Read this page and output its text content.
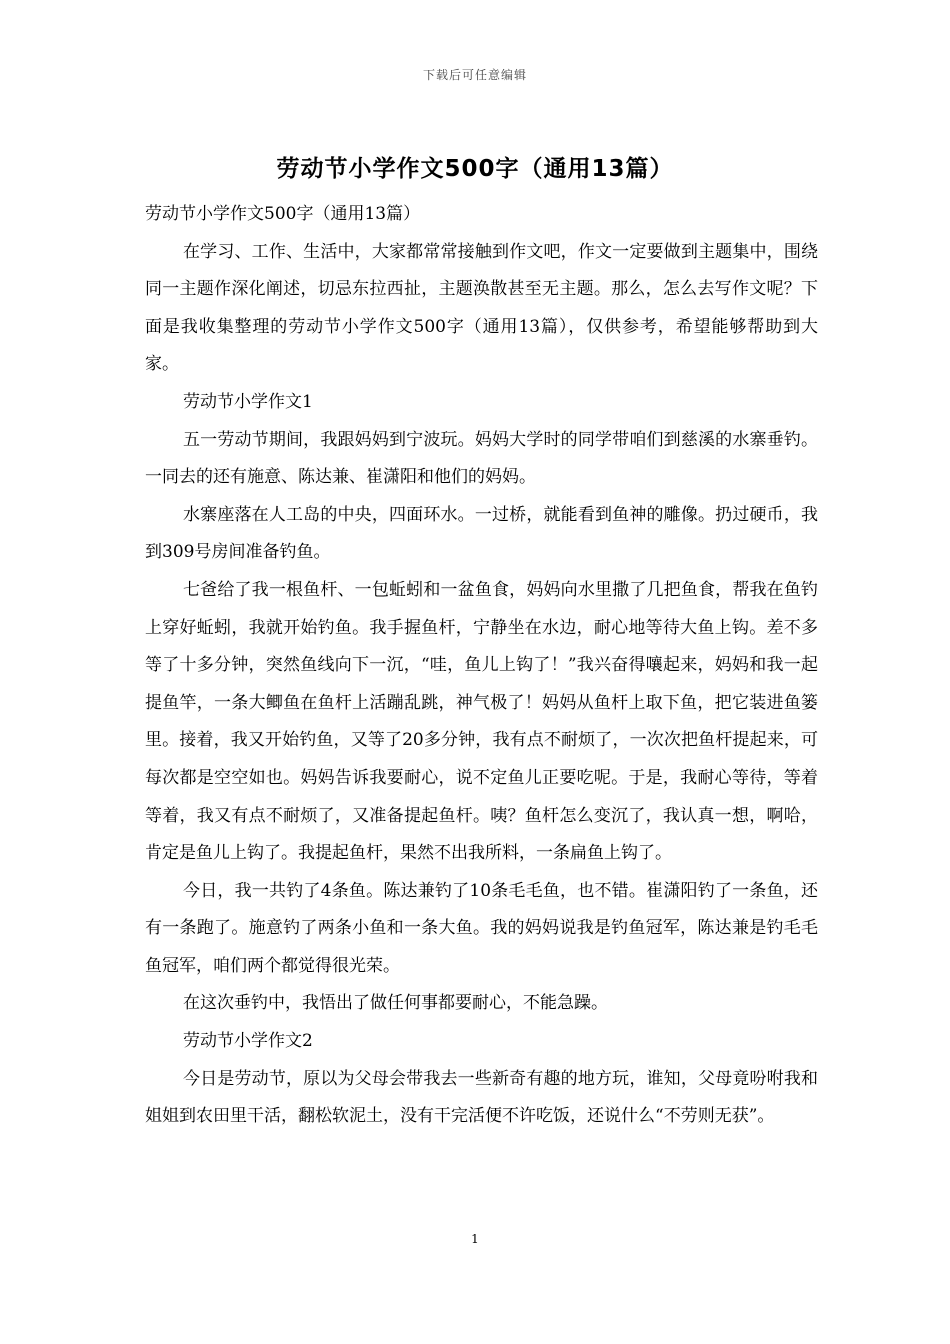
下载后可任意编辑
劳动节小学作文500字（通用13篇）

劳动节小学作文500字（通用13篇）

在学习、工作、生活中，大家都常常接触到作文吧，作文一定要做到主题集中，围绕同一主题作深化阐述，切忌东拉西扯，主题涣散甚至无主题。那么，怎么去写作文呢？下面是我收集整理的劳动节小学作文500字（通用13篇），仅供参考，希望能够帮助到大家。

劳动节小学作文1

五一劳动节期间，我跟妈妈到宁波玩。妈妈大学时的同学带咱们到慈溪的水寨垂钓。一同去的还有施意、陈达兼、崔潇阳和他们的妈妈。

水寨座落在人工岛的中央，四面环水。一过桥，就能看到鱼神的雕像。扔过硬币，我到309号房间准备钓鱼。

七爸给了我一根鱼杆、一包蚯蚓和一盆鱼食，妈妈向水里撒了几把鱼食，帮我在鱼钓上穿好蚯蚓，我就开始钓鱼。我手握鱼杆，宁静坐在水边，耐心地等待大鱼上钩。差不多等了十多分钟，突然鱼线向下一沉，“哇，鱼儿上钩了！”我兴奋得嚷起来，妈妈和我一起提鱼竿，一条大鲫鱼在鱼杆上活蹦乱跳，神气极了！妈妈从鱼杆上取下鱼，把它装进鱼篓里。接着，我又开始钓鱼，又等了20多分钟，我有点不耐烦了，一次次把鱼杆提起来，可每次都是空空如也。妈妈告诉我要耐心，说不定鱼儿正要吃呢。于是，我耐心等待，等着等着，我又有点不耐烦了，又准备提起鱼杆。咦？鱼杆怎么变沉了，我认真一想，啊哈，肯定是鱼儿上钩了。我提起鱼杆，果然不出我所料，一条扁鱼上钩了。

今日，我一共钓了4条鱼。陈达兼钓了10条毛毛鱼，也不错。崔潇阳钓了一条鱼，还有一条跑了。施意钓了两条小鱼和一条大鱼。我的妈妈说我是钓鱼冠军，陈达兼是钓毛毛鱼冠军，咱们两个都觉得很光荣。

在这次垂钓中，我悟出了做任何事都要耐心，不能急躁。

劳动节小学作文2

今日是劳动节，原以为父母会带我去一些新奇有趣的地方玩，谁知，父母竟吩咐我和姐姐到农田里干活，翻松软泥土，没有干完活便不许吃饭，还说什么“不劳则无获”。

1
